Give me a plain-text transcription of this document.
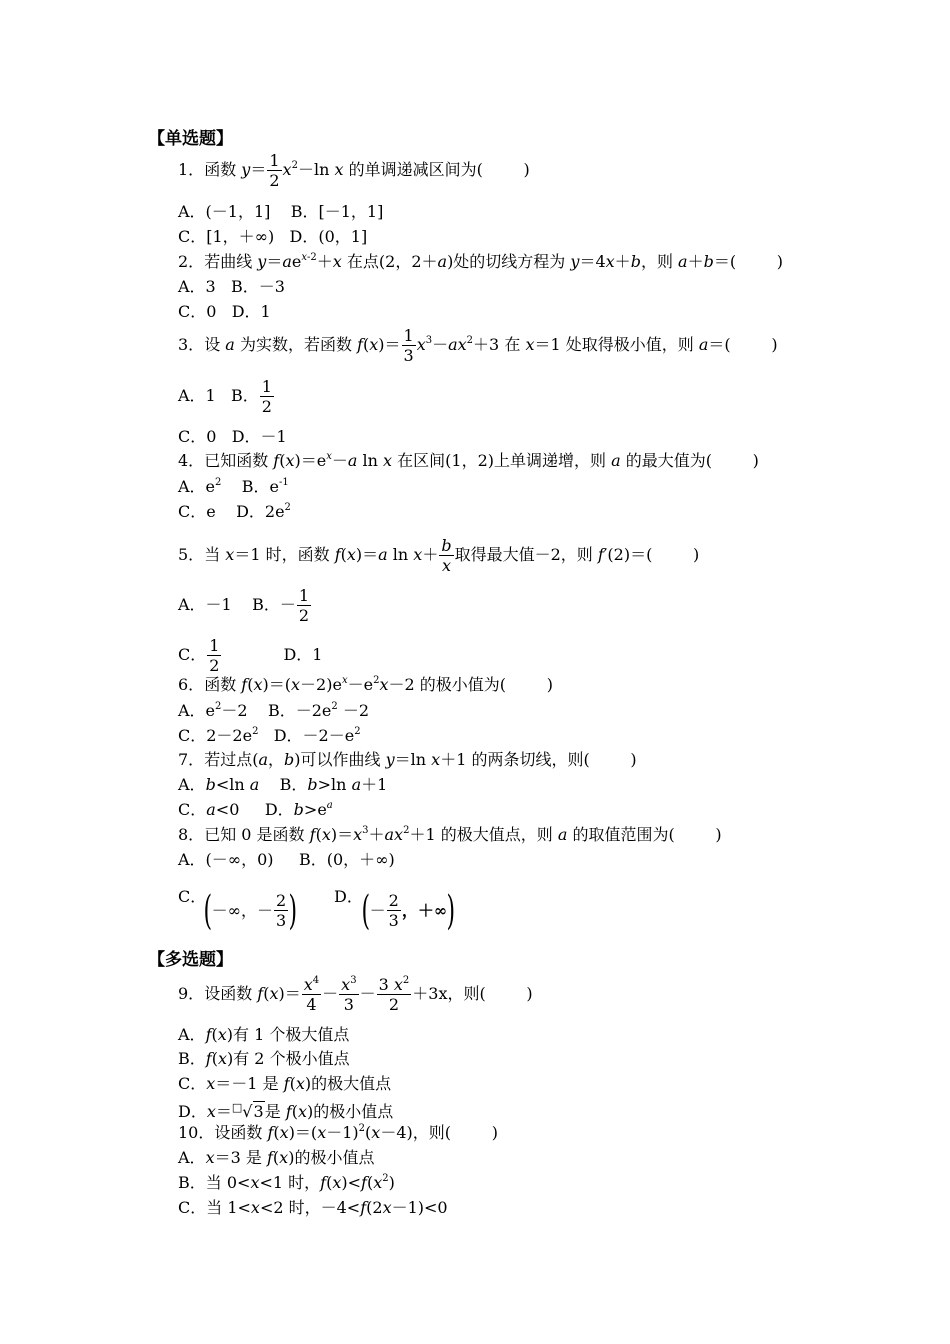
【单选题】
1．函数 $y= \frac{1}{2} x^2-\ln$ x 的单调递减区间为(        )
A．(－1，1] B．[－1，1]
C．[1，＋∞) D．(0，1]
2．若曲线 $y=ae^{x-2}+x$ 在点(2，2＋a)处的切线方程为 y＝4x＋b，则 a＋b＝(        )
A．3 B．－3
C．0 D．1
3．设 a 为实数，若函数 $f(x)= \frac{1}{3} x^3-ax^2+3$ 在 x＝1 处取得极小值，则 a＝(        )
A．1 B． $\frac{1}{2}$
C．0 D．－1
4．已知函数 $f(x)=e^x-a$ ln x 在区间(1，2)上单调递增，则 a 的最大值为(        )
A．$e^2$ B．$e^{-1}$
C．e D．$2e^2$
5．当 x＝1 时，函数 f(x)＝a $\ln x+ \frac{b}{x}$ 取得最大值－2，则 f′(2)＝(        )
A．－1 B．－ $\frac{1}{2}$
C． $\frac{1}{2}$	D．1
6．函数 $f(x)=(x-2)e^x-e^2x-2$ 的极小值为(        )
A．$e^2-2$ B．$-2e^2 -2$
C．$2-2e^2$ D．$-2-e^2$
7．若过点(a，b)可以作曲线 y＝ln x＋1 的两条切线，则(        )
A．b<ln a B．b>ln a＋1
C．a<0     D．$b>e^a$
8．已知 0 是函数 $f(x)=x^3+ax^2+1$ 的极大值点，则 a 的取值范围为(        )
A．(－∞，0) B．(0，＋∞)
C．
(－∞，－ $\frac{2}{3}$ ) D．
(－ $\frac{2}{3}$ ，＋∞)
【多选题】
9．设函数 $f(x)= \frac{x^4}{4} - \frac{x^3}{3} - \frac{3 x^2}{2} +3x$，则(        )
A．f(x)有 1 个极大值点
B．f(x)有 2 个极小值点
C．x＝－1 是 f(x)的极大值点
D．x＝□√3是 f(x)的极小值点
10．设函数 $f(x)=(x-1)^2(x-4)$，则(        )
A．x＝3 是 f(x)的极小值点
B．当 0<x<1 时，$f(x)<f(x^2)$
C．当 1<x<2 时，－4<f(2x－1)<0
